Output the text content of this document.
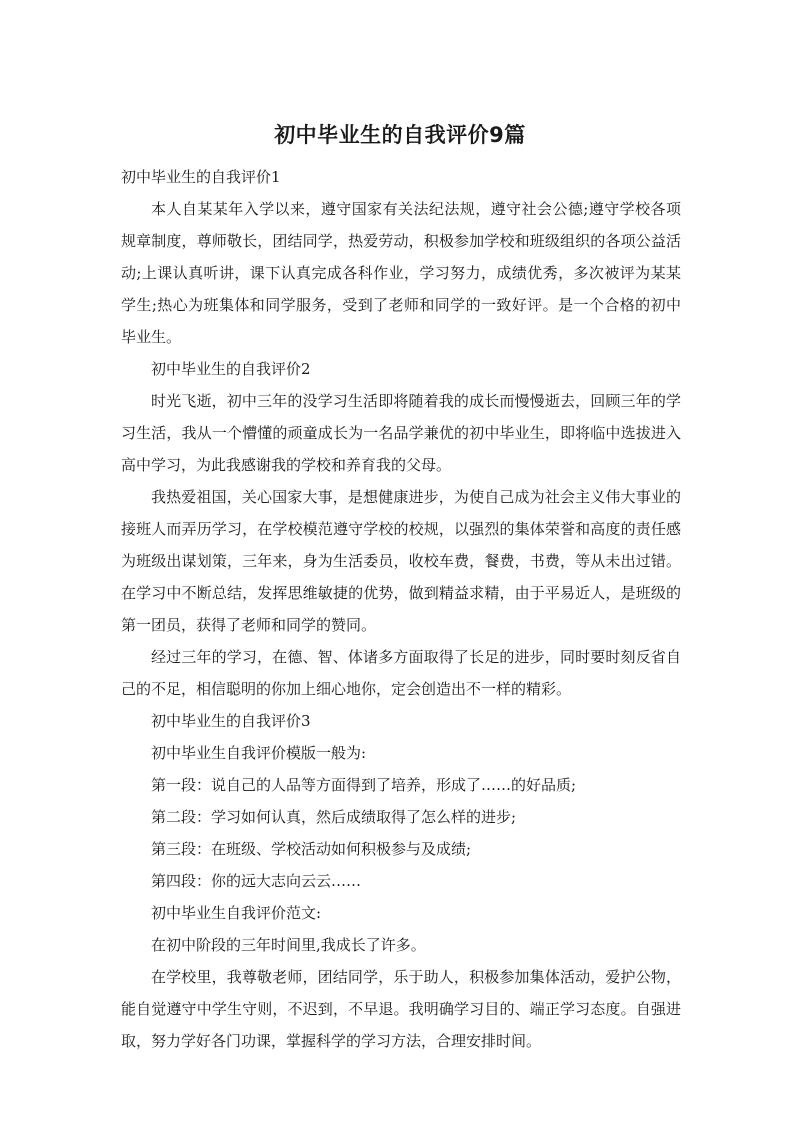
初中毕业生的自我评价9篇

初中毕业生的自我评价1

本人自某某年入学以来，遵守国家有关法纪法规，遵守社会公德;遵守学校各项规章制度，尊师敬长，团结同学，热爱劳动，积极参加学校和班级组织的各项公益活动;上课认真听讲，课下认真完成各科作业，学习努力，成绩优秀，多次被评为某某学生;热心为班集体和同学服务，受到了老师和同学的一致好评。是一个合格的初中毕业生。

初中毕业生的自我评价2

时光飞逝，初中三年的没学习生活即将随着我的成长而慢慢逝去，回顾三年的学习生活，我从一个懵懂的顽童成长为一名品学兼优的初中毕业生，即将临中选拔进入高中学习，为此我感谢我的学校和养育我的父母。

我热爱祖国，关心国家大事，是想健康进步，为使自己成为社会主义伟大事业的接班人而弄历学习，在学校模范遵守学校的校规，以强烈的集体荣誉和高度的责任感为班级出谋划策，三年来，身为生活委员，收校车费，餐费，书费，等从未出过错。在学习中不断总结，发挥思维敏捷的优势，做到精益求精，由于平易近人，是班级的第一团员，获得了老师和同学的赞同。

经过三年的学习，在德、智、体诸多方面取得了长足的进步，同时要时刻反省自己的不足，相信聪明的你加上细心地你，定会创造出不一样的精彩。

初中毕业生的自我评价3

初中毕业生自我评价模版一般为:

第一段：说自己的人品等方面得到了培养，形成了……的好品质;

第二段：学习如何认真，然后成绩取得了怎么样的进步;

第三段：在班级、学校活动如何积极参与及成绩;

第四段：你的远大志向云云……

初中毕业生自我评价范文:

在初中阶段的三年时间里,我成长了许多。

在学校里，我尊敬老师，团结同学，乐于助人，积极参加集体活动，爱护公物，能自觉遵守中学生守则，不迟到，不早退。我明确学习目的、端正学习态度。自强进取，努力学好各门功课，掌握科学的学习方法，合理安排时间。
